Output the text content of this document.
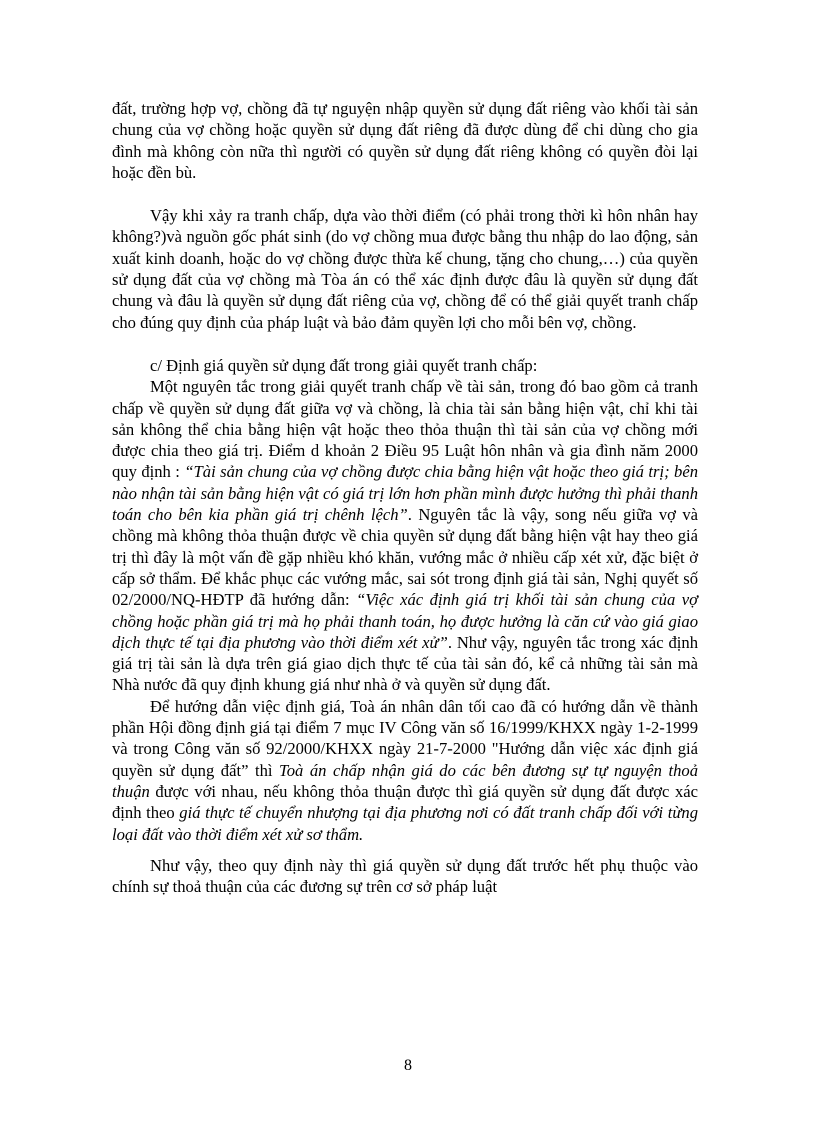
đất, trường hợp vợ, chồng đã tự nguyện nhập quyền sử dụng đất riêng vào khối tài sản chung của vợ chồng hoặc quyền sử dụng đất riêng đã được dùng để chi dùng cho gia đình mà không còn nữa thì người có quyền sử dụng đất riêng không có quyền đòi lại hoặc đền bù.

Vậy khi xảy ra tranh chấp, dựa vào thời điểm (có phải trong thời kì hôn nhân hay không?)và nguồn gốc phát sinh (do vợ chồng mua được bằng thu nhập do lao động, sản xuất kinh doanh, hoặc do vợ chồng được thừa kế chung, tặng cho chung,…) của quyền sử dụng đất của vợ chồng mà Tòa án có thể xác định được đâu là quyền sử dụng đất chung và đâu là quyền sử dụng đất riêng của vợ, chồng để có thể giải quyết tranh chấp cho đúng quy định của pháp luật và bảo đảm quyền lợi cho mỗi bên vợ, chồng.

c/ Định giá quyền sử dụng đất trong giải quyết tranh chấp:

Một nguyên tắc trong giải quyết tranh chấp về tài sản, trong đó bao gồm cả tranh chấp về quyền sử dụng đất giữa vợ và chồng, là chia tài sản bằng hiện vật, chỉ khi tài sản không thể chia bằng hiện vật hoặc theo thỏa thuận thì tài sản của vợ chồng mới được chia theo giá trị. Điểm d khoản 2 Điều 95 Luật hôn nhân và gia đình năm 2000 quy định : “Tài sản chung của vợ chồng được chia bằng hiện vật hoặc theo giá trị; bên nào nhận tài sản bằng hiện vật có giá trị lớn hơn phần mình được hưởng thì phải thanh toán cho bên kia phần giá trị chênh lệch”. Nguyên tắc là vậy, song nếu giữa vợ và chồng mà không thỏa thuận được về chia quyền sử dụng đất bằng hiện vật hay theo giá trị thì đây là một vấn đề gặp nhiều khó khăn, vướng mắc ở nhiều cấp xét xử, đặc biệt ở cấp sở thẩm. Để khắc phục các vướng mắc, sai sót trong định giá tài sản, Nghị quyết số 02/2000/NQ-HĐTP đã hướng dẫn: “Việc xác định giá trị khối tài sản chung của vợ chồng hoặc phần giá trị mà họ phải thanh toán, họ được hưởng là căn cứ vào giá giao dịch thực tế tại địa phương vào thời điểm xét xử”. Như vậy, nguyên tắc trong xác định giá trị tài sản là dựa trên giá giao dịch thực tế của tài sản đó, kể cả những tài sản mà Nhà nước đã quy định khung giá như nhà ở và quyền sử dụng đất.

Để hướng dẫn việc định giá, Toà án nhân dân tối cao đã có hướng dẫn về thành phần Hội đồng định giá tại điểm 7 mục IV Công văn số 16/1999/KHXX ngày 1-2-1999 và trong Công văn số 92/2000/KHXX ngày 21-7-2000 "Hướng dẫn việc xác định giá quyền sử dụng đất” thì Toà án chấp nhận giá do các bên đương sự tự nguyện thoả thuận được với nhau, nếu không thỏa thuận được thì giá quyền sử dụng đất được xác định theo giá thực tế chuyển nhượng tại địa phương nơi có đất tranh chấp đối với từng loại đất vào thời điểm xét xử sơ thẩm.

Như vậy, theo quy định này thì giá quyền sử dụng đất trước hết phụ thuộc vào chính sự thoả thuận của các đương sự trên cơ sở pháp luật

8
